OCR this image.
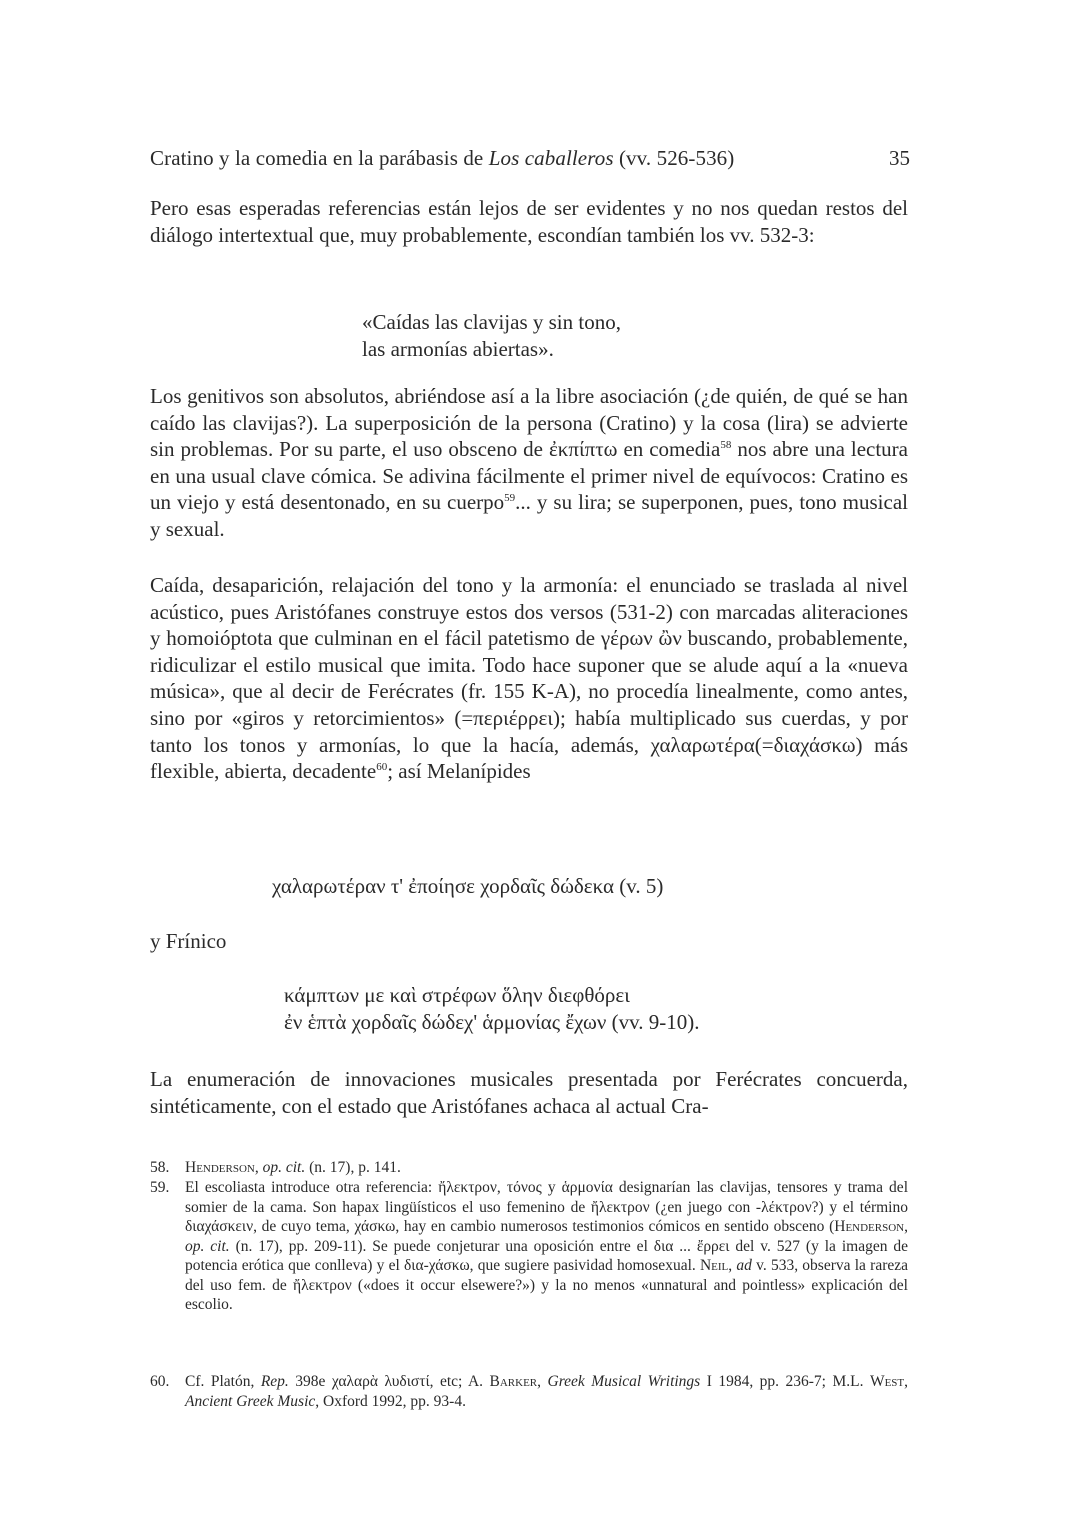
Cratino y la comedia en la parábasis de Los caballeros (vv. 526-536)	35
Pero esas esperadas referencias están lejos de ser evidentes y no nos quedan restos del diálogo intertextual que, muy probablemente, escondían también los vv. 532-3:
«Caídas las clavijas y sin tono,
las armonías abiertas».
Los genitivos son absolutos, abriéndose así a la libre asociación (¿de quién, de qué se han caído las clavijas?). La superposición de la persona (Cratino) y la cosa (lira) se advierte sin problemas. Por su parte, el uso obsceno de ἐκπίπτω en comedia$^{58}$ nos abre una lectura en una usual clave cómica. Se adivina fácilmente el primer nivel de equívocos: Cratino es un viejo y está desentonado, en su cuerpo$^{59}$... y su lira; se superponen, pues, tono musical y sexual.
Caída, desaparición, relajación del tono y la armonía: el enunciado se traslada al nivel acústico, pues Aristófanes construye estos dos versos (531-2) con marcadas aliteraciones y homoióptota que culminan en el fácil patetismo de γέρων ὢν buscando, probablemente, ridiculizar el estilo musical que imita. Todo hace suponer que se alude aquí a la «nueva música», que al decir de Ferécrates (fr. 155 K-A), no procedía linealmente, como antes, sino por «giros y retorcimientos» (=περιέρρει); había multiplicado sus cuerdas, y por tanto los tonos y armonías, lo que la hacía, además, χαλαρωτέρα(=διαχάσκω) más flexible, abierta, decadente$^{60}$; así Melanípides
χαλαρωτέραν τ' ἐποίησε χορδαῖς δώδεκα (v. 5)
y Frínico
κάμπτων με καὶ στρέφων ὅλην διεφθόρει
ἐν ἑπτὰ χορδαῖς δώδεχ' ἁρμονίας ἔχων (vv. 9-10).
La enumeración de innovaciones musicales presentada por Ferécrates concuerda, sintéticamente, con el estado que Aristófanes achaca al actual Cra-
58. Henderson, op. cit. (n. 17), p. 141.
59. El escoliasta introduce otra referencia: ἤλεκτρον, τόνος y ἁρμονία designarían las clavijas, tensores y trama del somier de la cama. Son hapax lingüísticos el uso femenino de ἤλεκτρον (¿en juego con -λέκτρον?) y el término διαχάσκειν, de cuyo tema, χάσκω, hay en cambio numerosos testimonios cómicos en sentido obsceno (Henderson, op. cit. (n. 17), pp. 209-11). Se puede conjeturar una oposición entre el δια ... ἔρρει del v. 527 (y la imagen de potencia erótica que conlleva) y el δια-χάσκω, que sugiere pasividad homosexual. Neil, ad v. 533, observa la rareza del uso fem. de ἤλεκτρον («does it occur elsewere?») y la no menos «unnatural and pointless» explicación del escolio.
60. Cf. Platón, Rep. 398e χαλαρὰ λυδιστί, etc; A. Barker, Greek Musical Writings I 1984, pp. 236-7; M.L. West, Ancient Greek Music, Oxford 1992, pp. 93-4.
